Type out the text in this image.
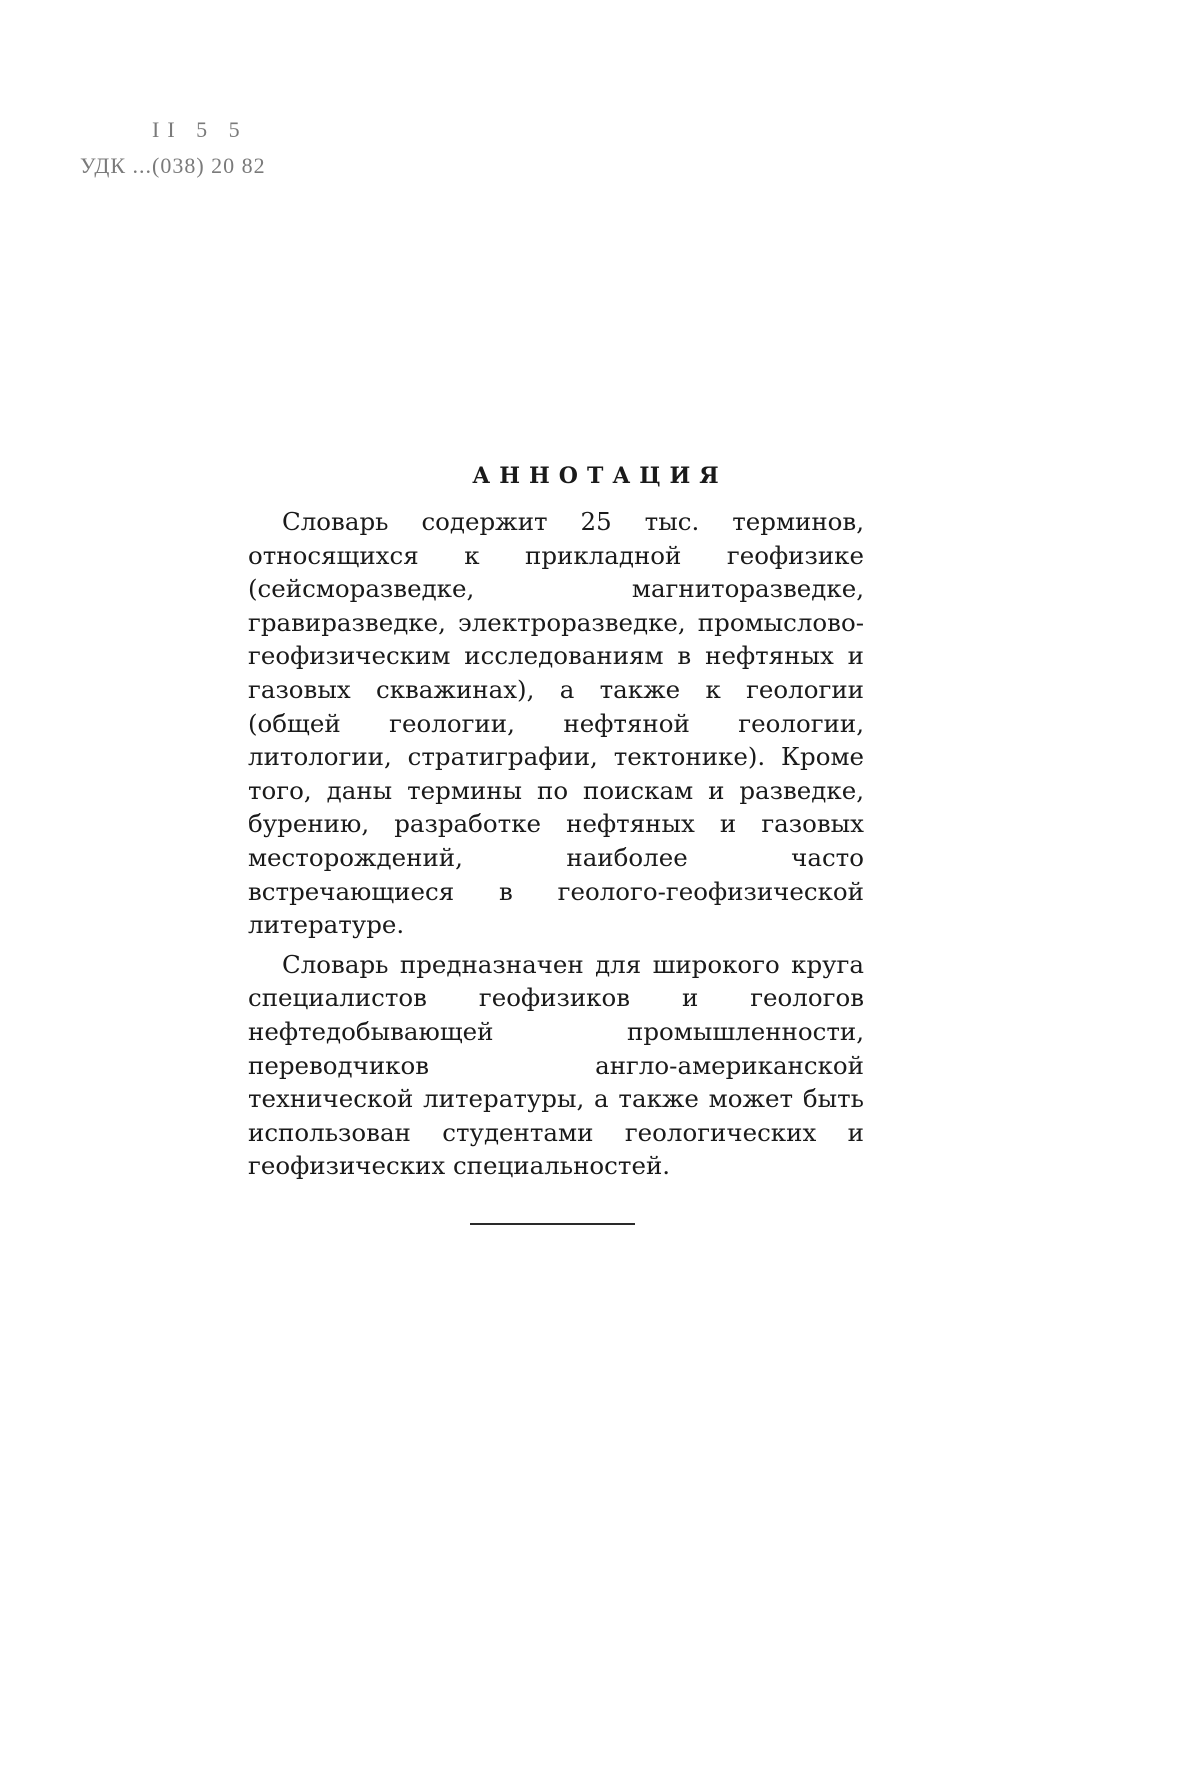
II 5 5
УДК ...(038) 20 82
АННОТАЦИЯ

Словарь содержит 25 тыс. терминов, относящихся к прикладной геофизике (сейсморазведке, магниторазведке, гравиразведке, электроразведке, промыслово-геофизическим исследованиям в нефтяных и газовых скважинах), а также к геологии (общей геологии, нефтяной геологии, литологии, стратиграфии, тектонике). Кроме того, даны термины по поискам и разведке, бурению, разработке нефтяных и газовых месторождений, наиболее часто встречающиеся в геолого-геофизической литературе.

Словарь предназначен для широкого круга специалистов геофизиков и геологов нефтедобывающей промышленности, переводчиков англо-американской технической литературы, а также может быть использован студентами геологических и геофизических специальностей.
